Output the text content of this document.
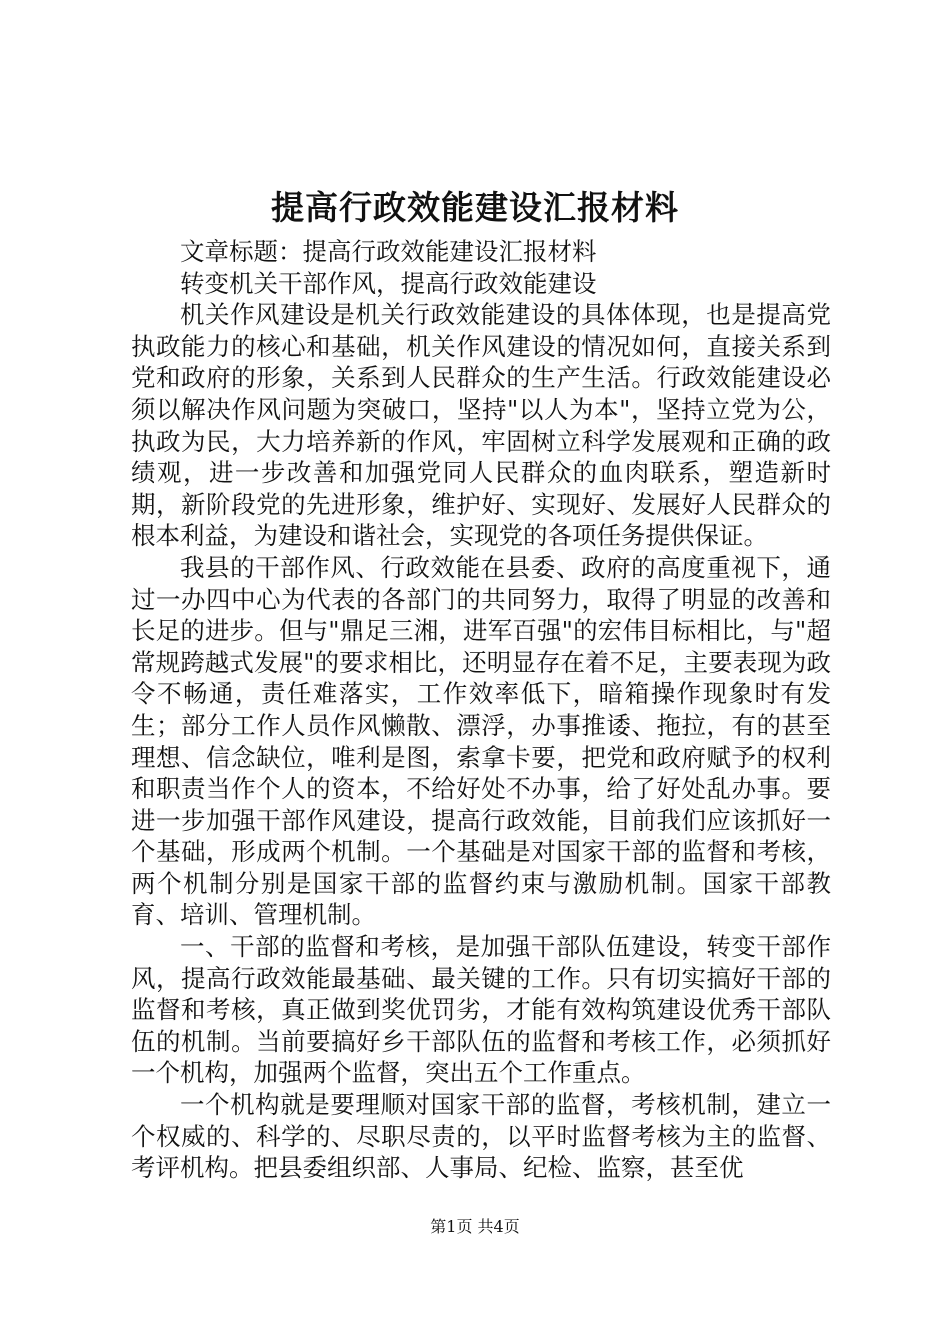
提高行政效能建设汇报材料

文章标题：提高行政效能建设汇报材料

转变机关干部作风，提高行政效能建设

机关作风建设是机关行政效能建设的具体体现，也是提高党执政能力的核心和基础，机关作风建设的情况如何，直接关系到党和政府的形象，关系到人民群众的生产生活。行政效能建设必须以解决作风问题为突破口，坚持"以人为本"，坚持立党为公，执政为民，大力培养新的作风，牢固树立科学发展观和正确的政绩观，进一步改善和加强党同人民群众的血肉联系，塑造新时期，新阶段党的先进形象，维护好、实现好、发展好人民群众的根本利益，为建设和谐社会，实现党的各项任务提供保证。

我县的干部作风、行政效能在县委、政府的高度重视下，通过一办四中心为代表的各部门的共同努力，取得了明显的改善和长足的进步。但与"鼎足三湘，进军百强"的宏伟目标相比，与"超常规跨越式发展"的要求相比，还明显存在着不足，主要表现为政令不畅通，责任难落实，工作效率低下，暗箱操作现象时有发生；部分工作人员作风懒散、漂浮，办事推诿、拖拉，有的甚至理想、信念缺位，唯利是图，索拿卡要，把党和政府赋予的权利和职责当作个人的资本，不给好处不办事，给了好处乱办事。要进一步加强干部作风建设，提高行政效能，目前我们应该抓好一个基础，形成两个机制。一个基础是对国家干部的监督和考核，两个机制分别是国家干部的监督约束与激励机制。国家干部教育、培训、管理机制。

一、干部的监督和考核，是加强干部队伍建设，转变干部作风，提高行政效能最基础、最关键的工作。只有切实搞好干部的监督和考核，真正做到奖优罚劣，才能有效构筑建设优秀干部队伍的机制。当前要搞好乡干部队伍的监督和考核工作，必须抓好一个机构，加强两个监督，突出五个工作重点。

一个机构就是要理顺对国家干部的监督，考核机制，建立一个权威的、科学的、尽职尽责的，以平时监督考核为主的监督、考评机构。把县委组织部、人事局、纪检、监察，甚至优

第1页 共4页
